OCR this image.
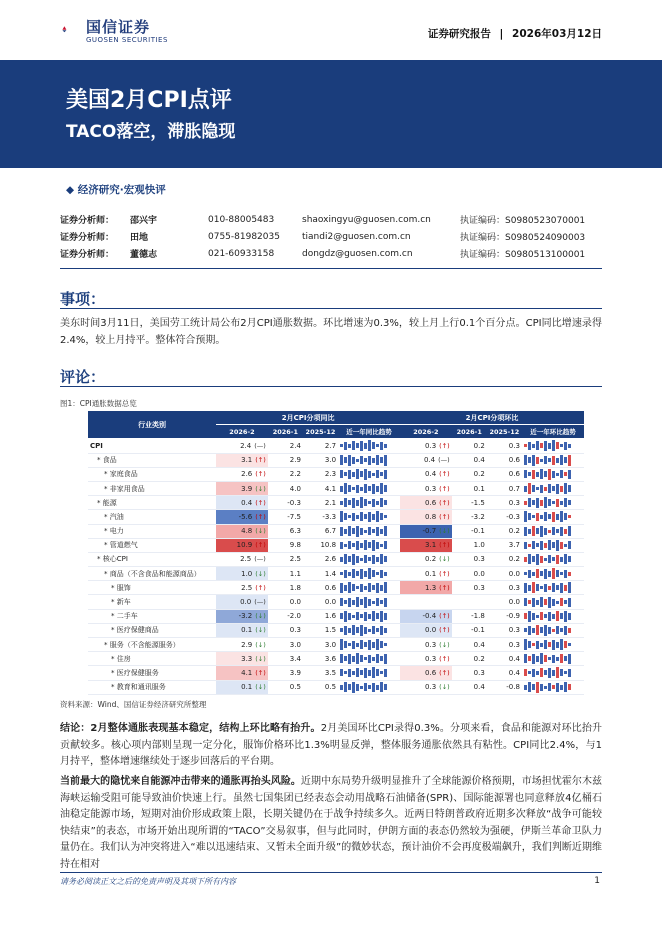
国信证券
GUOSEN SECURITIES	证券研究报告 | 2026年03月12日
美国2月CPI点评
TACO落空，滞胀隐现
◆ 经济研究·宏观快评
证券分析师：	邵兴宇	010-88005483	shaoxingyu@guosen.com.cn	执证编码：S0980523070001
证券分析师：	田地	0755-81982035	tiandi2@guosen.com.cn	执证编码：S0980524090003
证券分析师：	董德志	021-60933158	dongdz@guosen.com.cn	执证编码：S0980513100001
事项：
美东时间3月11日，美国劳工统计局公布2月CPI通胀数据。环比增速为0.3%，较上月上行0.1个百分点。CPI同比增速录得2.4%，较上月持平。整体符合预期。
评论：
图1：CPI通胀数据总览
行业类别	2月CPI分项同比				2月CPI分项环比			
	2026-2	2026-1	2025-12	近一年同比趋势	2026-2	2026-1	2025-12	近一年环比趋势
CPI	2.4 (—)	2.4	2.7		0.3 (↑)	0.2	0.3	

* 食品	3.1 (↑)	2.9	3.0		0.4 (—)	0.4	0.6	

* 家庭食品	2.6 (↑)	2.2	2.3		0.4 (↑)	0.2	0.6	

* 非家用食品	3.9 (↓)	4.0	4.1		0.3 (↑)	0.1	0.7	

* 能源	0.4 (↑)	-0.3	2.1		0.6 (↑)	-1.5	0.3	

* 汽油	-5.6 (↑)	-7.5	-3.3		0.8 (↑)	-3.2	-0.3	

* 电力	4.8 (↓)	6.3	6.7		-0.7 (↓)	-0.1	0.2	

* 管道燃气	10.9 (↑)	9.8	10.8		3.1 (↑)	1.0	3.7	

* 核心CPI	2.5 (—)	2.5	2.6		0.2 (↓)	0.3	0.2	

* 商品（不含食品和能源商品）	1.0 (↓)	1.1	1.4		0.1 (↑)	0.0	0.0	

* 服饰	2.5 (↑)	1.8	0.6		1.3 (↑)	0.3	0.3	

* 新车	0.0 (—)	0.0	0.0				0.0	

* 二手车	-3.2 (↓)	-2.0	1.6		-0.4 (↑)	-1.8	-0.9	

* 医疗保健商品	0.1 (↓)	0.3	1.5		0.0 (↑)	-0.1	0.3	

* 服务（不含能源服务）	2.9 (↓)	3.0	3.0		0.3 (↓)	0.4	0.3	

* 住房	3.3 (↓)	3.4	3.6		0.3 (↑)	0.2	0.4	

* 医疗保健服务	4.1 (↑)	3.9	3.5		0.6 (↑)	0.3	0.4	

* 教育和通讯服务	0.1 (↓)	0.5	0.5		0.3 (↓)	0.4	-0.8	
资料来源：Wind、国信证券经济研究所整理
结论：2月整体通胀表现基本稳定，结构上环比略有抬升。2月美国环比CPI录得0.3%。分项来看，食品和能源对环比抬升贡献较多。核心项内部则呈现一定分化，服饰价格环比1.3%明显反弹，整体服务通胀依然具有粘性。CPI同比2.4%，与1月持平，整体增速继续处于逐步回落后的平台期。
当前最大的隐忧来自能源冲击带来的通胀再抬头风险。近期中东局势升级明显推升了全球能源价格预期，市场担忧霍尔木兹海峡运输受阻可能导致油价快速上行。虽然七国集团已经表态会动用战略石油储备(SPR)、国际能源署也同意释放4亿桶石油稳定能源市场，短期对油价形成政策上限，长期关键仍在于战争持续多久。近两日特朗普政府近期多次释放“战争可能较快结束”的表态，市场开始出现所谓的“TACO”交易叙事，但与此同时，伊朗方面的表态仍然较为强硬，伊斯兰革命卫队力量仍在。我们认为冲突将进入“难以迅速结束、又暂未全面升级”的微妙状态，预计油价不会再度极端飙升，我们判断近期维持在相对
请务必阅读正文之后的免责声明及其项下所有内容	1
